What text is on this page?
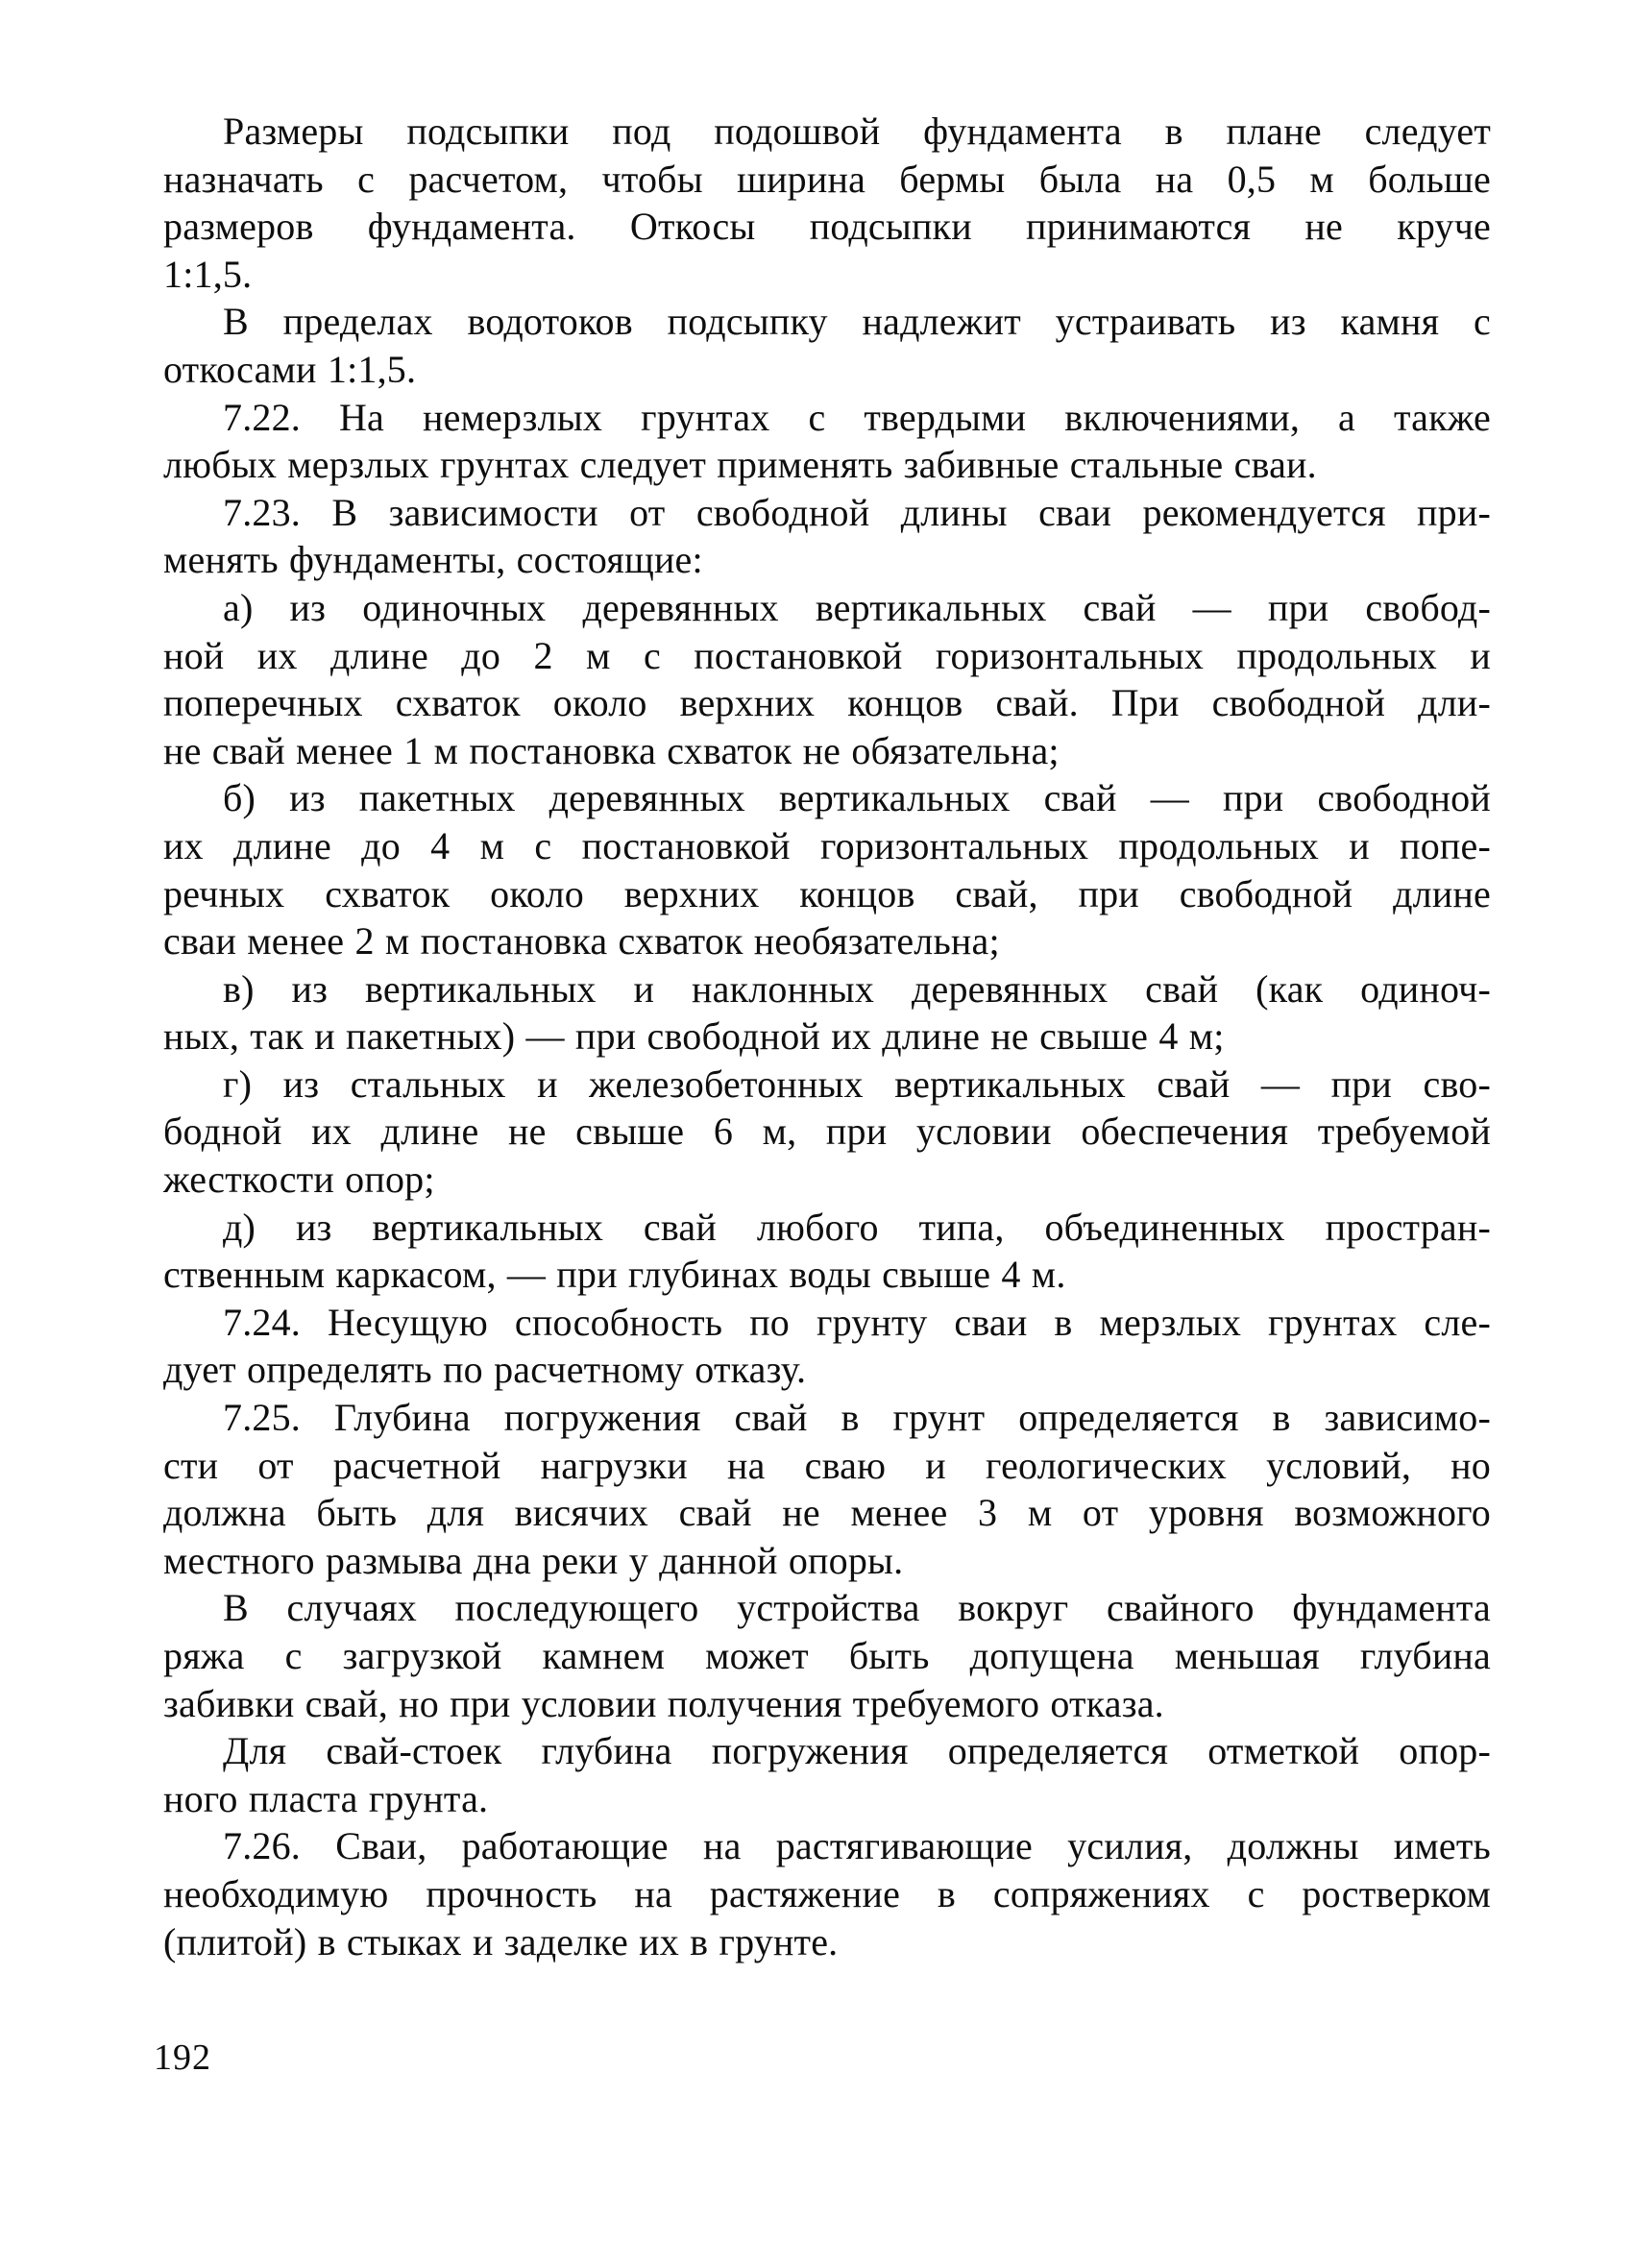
Размеры подсыпки под подошвой фундамента в плане следует
назначать с расчетом, чтобы ширина бермы была на 0,5 м больше
размеров фундамента. Откосы подсыпки принимаются не круче
1:1,5.
В пределах водотоков подсыпку надлежит устраивать из камня с
откосами 1:1,5.
7.22. На немерзлых грунтах с твердыми включениями, а также
любых мерзлых грунтах следует применять забивные стальные сваи.
7.23. В зависимости от свободной длины сваи рекомендуется при-
менять фундаменты, состоящие:
а) из одиночных деревянных вертикальных свай — при свобод-
ной их длине до 2 м с постановкой горизонтальных продольных и
поперечных схваток около верхних концов свай. При свободной дли-
не свай менее 1 м постановка схваток не обязательна;
б) из пакетных деревянных вертикальных свай — при свободной
их длине до 4 м с постановкой горизонтальных продольных и попе-
речных схваток около верхних концов свай, при свободной длине
сваи менее 2 м постановка схваток необязательна;
в) из вертикальных и наклонных деревянных свай (как одиноч-
ных, так и пакетных) — при свободной их длине не свыше 4 м;
г) из стальных и железобетонных вертикальных свай — при сво-
бодной их длине не свыше 6 м, при условии обеспечения требуемой
жесткости опор;
д) из вертикальных свай любого типа, объединенных простран-
ственным каркасом, — при глубинах воды свыше 4 м.
7.24. Несущую способность по грунту сваи в мерзлых грунтах сле-
дует определять по расчетному отказу.
7.25. Глубина погружения свай в грунт определяется в зависимо-
сти от расчетной нагрузки на сваю и геологических условий, но
должна быть для висячих свай не менее 3 м от уровня возможного
местного размыва дна реки у данной опоры.
В случаях последующего устройства вокруг свайного фундамента
ряжа с загрузкой камнем может быть допущена меньшая глубина
забивки свай, но при условии получения требуемого отказа.
Для свай-стоек глубина погружения определяется отметкой опор-
ного пласта грунта.
7.26. Сваи, работающие на растягивающие усилия, должны иметь
необходимую прочность на растяжение в сопряжениях с ростверком
(плитой) в стыках и заделке их в грунте.
192
